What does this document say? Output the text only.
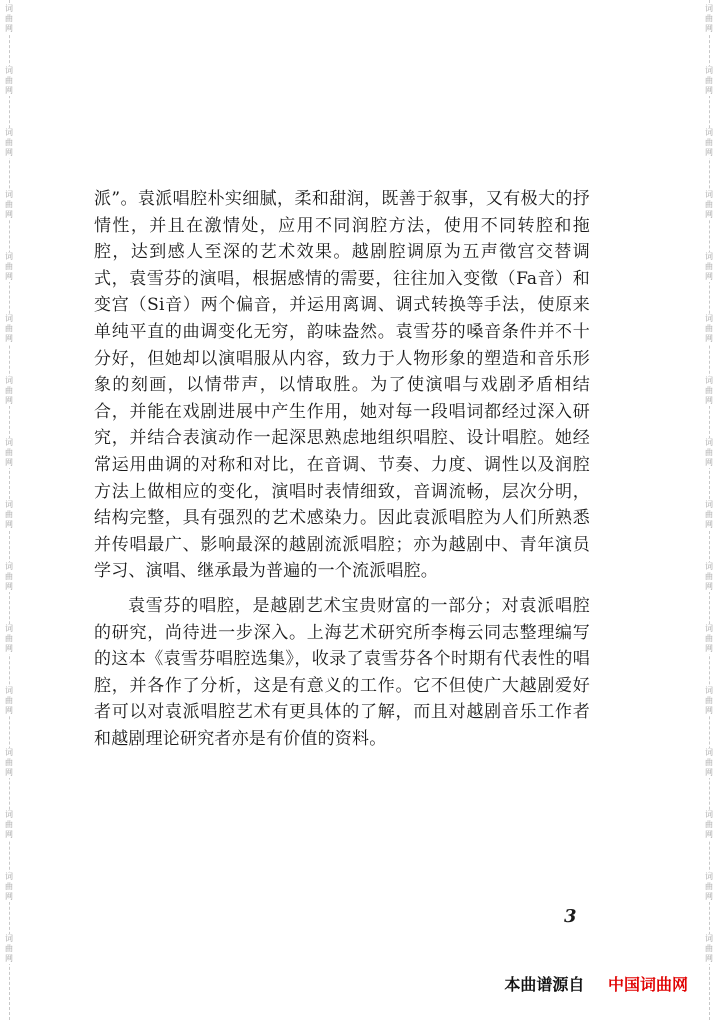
词曲网
词曲网
词曲网
词曲网
词曲网
词曲网
词曲网
词曲网
词曲网
词曲网
词曲网
词曲网
词曲网
词曲网
词曲网
词曲网
词曲网
词曲网
词曲网
词曲网
词曲网
词曲网
词曲网
词曲网
词曲网
词曲网
词曲网
词曲网
词曲网
词曲网
词曲网
词曲网

派”。袁派唱腔朴实细腻，柔和甜润，既善于叙事，又有极大的抒情性，并且在激情处，应用不同润腔方法，使用不同转腔和拖腔，达到感人至深的艺术效果。越剧腔调原为五声徵宫交替调式，袁雪芬的演唱，根据感情的需要，往往加入变徵（Fa音）和变宫（Si音）两个偏音，并运用离调、调式转换等手法，使原来单纯平直的曲调变化无穷，韵味盎然。袁雪芬的嗓音条件并不十分好，但她却以演唱服从内容，致力于人物形象的塑造和音乐形象的刻画，以情带声，以情取胜。为了使演唱与戏剧矛盾相结合，并能在戏剧进展中产生作用，她对每一段唱词都经过深入研究，并结合表演动作一起深思熟虑地组织唱腔、设计唱腔。她经常运用曲调的对称和对比，在音调、节奏、力度、调性以及润腔方法上做相应的变化，演唱时表情细致，音调流畅，层次分明，结构完整，具有强烈的艺术感染力。因此袁派唱腔为人们所熟悉并传唱最广、影响最深的越剧流派唱腔；亦为越剧中、青年演员学习、演唱、继承最为普遍的一个流派唱腔。

袁雪芬的唱腔，是越剧艺术宝贵财富的一部分；对袁派唱腔的研究，尚待进一步深入。上海艺术研究所李梅云同志整理编写的这本《袁雪芬唱腔选集》，收录了袁雪芬各个时期有代表性的唱腔，并各作了分析，这是有意义的工作。它不但使广大越剧爱好者可以对袁派唱腔艺术有更具体的了解，而且对越剧音乐工作者和越剧理论研究者亦是有价值的资料。

3
本曲谱源自 中国词曲网
